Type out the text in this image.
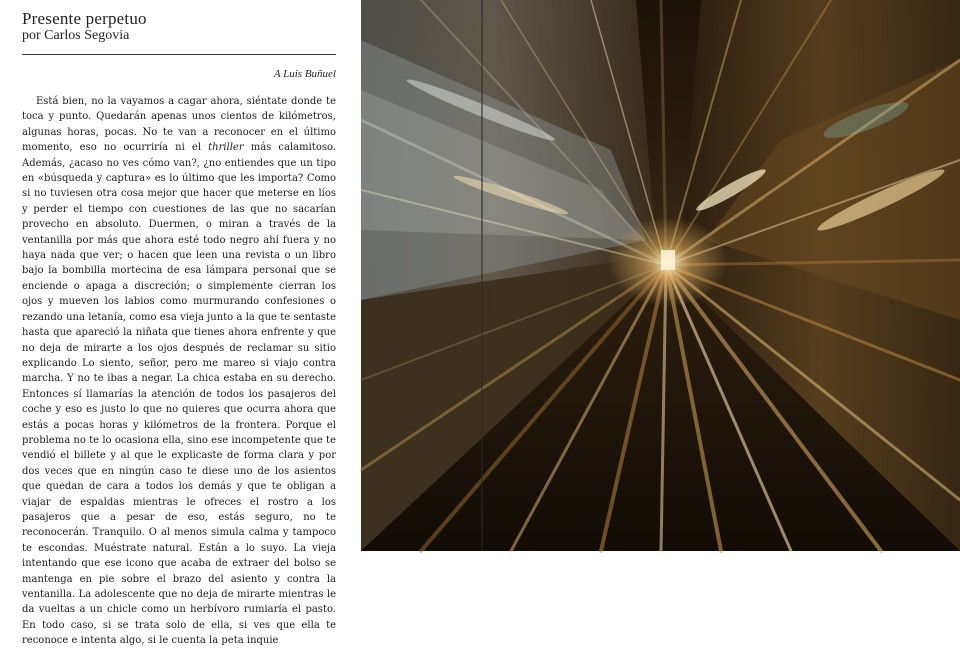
Presente perpetuo
por Carlos Segovia
A Luis Buñuel

Está bien, no la vayamos a cagar ahora, siéntate donde te toca y punto. Quedarán apenas unos cientos de kilómetros, algunas horas, pocas. No te van a reconocer en el último momento, eso no ocurriría ni el thriller más calamitoso. Además, ¿acaso no ves cómo van?, ¿no entiendes que un tipo en «búsqueda y captura» es lo último que les importa? Como si no tuviesen otra cosa mejor que hacer que meterse en líos y perder el tiempo con cuestiones de las que no sacarían provecho en absoluto. Duermen, o miran a través de la ventanilla por más que ahora esté todo negro ahí fuera y no haya nada que ver; o hacen que leen una revista o un libro bajo la bombilla mortecina de esa lámpara personal que se enciende o apaga a discreción; o simplemente cierran los ojos y mueven los labios como murmurando confesiones o rezando una letanía, como esa vieja junto a la que te sentaste hasta que apareció la niñata que tienes ahora enfrente y que no deja de mirarte a los ojos después de reclamar su sitio explicando Lo siento, señor, pero me mareo si viajo contra marcha. Y no te ibas a negar. La chica estaba en su derecho. Entonces sí llamarías la atención de todos los pasajeros del coche y eso es justo lo que no quieres que ocurra ahora que estás a pocas horas y kilómetros de la frontera. Porque el problema no te lo ocasiona ella, sino ese incompetente que te vendió el billete y al que le explicaste de forma clara y por dos veces que en ningún caso te diese uno de los asientos que quedan de cara a todos los demás y que te obligan a viajar de espaldas mientras le ofreces el rostro a los pasajeros que a pesar de eso, estás seguro, no te reconocerán. Tranquilo. O al menos simula calma y tampoco te escondas. Muéstrate natural. Están a lo suyo. La vieja intentando que ese icono que acaba de extraer del bolso se mantenga en pie sobre el brazo del asiento y contra la ventanilla. La adolescente que no deja de mirarte mientras le da vueltas a un chicle como un herbívoro rumiaría el pasto. En todo caso, si se trata solo de ella, si ves que ella te reconoce e intenta algo, si le cuenta la peta inquie
